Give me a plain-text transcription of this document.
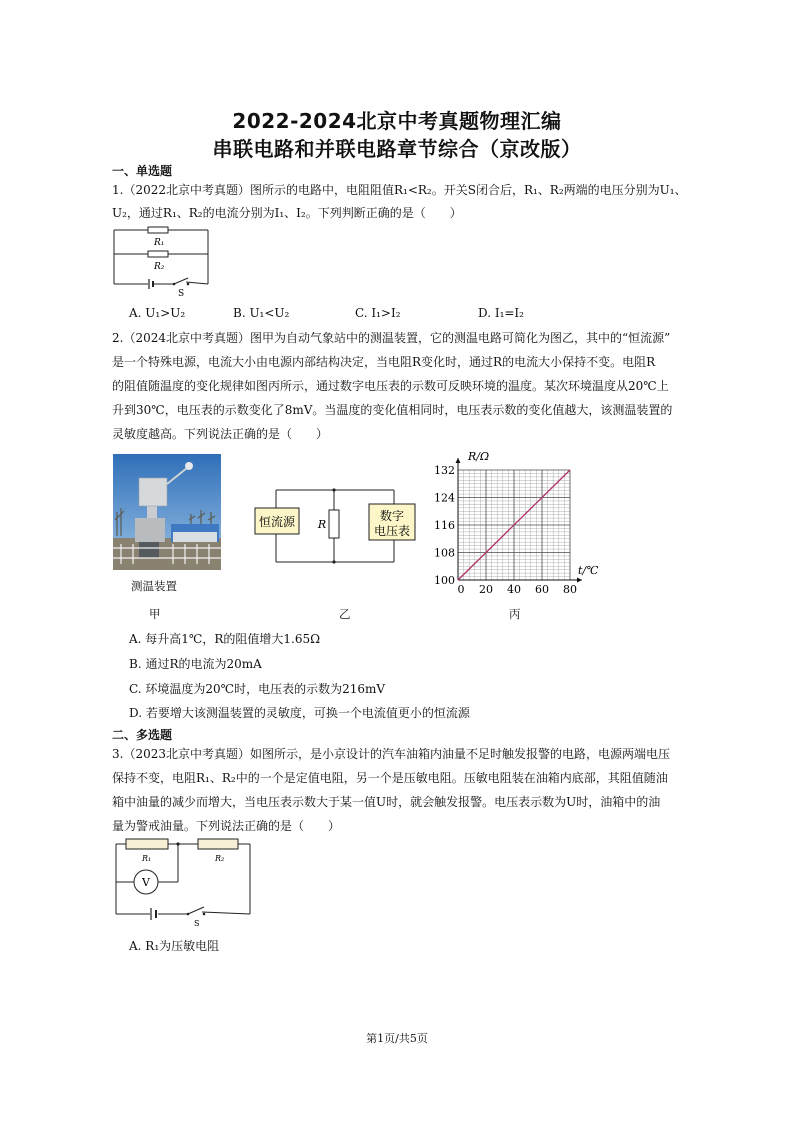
2022-2024北京中考真题物理汇编
串联电路和并联电路章节综合（京改版）
一、单选题
1.（2022北京中考真题）图所示的电路中，电阻阻值R₁<R₂。开关S闭合后，R₁、R₂两端的电压分别为U₁、
U₂，通过R₁、R₂的电流分别为I₁、I₂。下列判断正确的是（　　）
R₁
R₂
S
A. U₁>U₂	B. U₁<U₂	C. I₁>I₂	D. I₁=I₂
2.（2024北京中考真题）图甲为自动气象站中的测温装置，它的测温电路可简化为图乙，其中的“恒流源”
是一个特殊电源，电流大小由电源内部结构决定，当电阻R变化时，通过R的电流大小保持不变。电阻R
的阻值随温度的变化规律如图丙所示，通过数字电压表的示数可反映环境的温度。某次环境温度从20℃上
升到30℃，电压表的示数变化了8mV。当温度的变化值相同时，电压表示数的变化值越大，该测温装置的
灵敏度越高。下列说法正确的是（　　）
测温装置
恒流源 R
数字
电压表
0 20 40 60 80
100
108
116
124
132
R/Ω
t/℃
甲	乙	丙
A. 每升高1℃，R的阻值增大1.65Ω
B. 通过R的电流为20mA
C. 环境温度为20℃时，电压表的示数为216mV
D. 若要增大该测温装置的灵敏度，可换一个电流值更小的恒流源
二、多选题
3.（2023北京中考真题）如图所示，是小京设计的汽车油箱内油量不足时触发报警的电路，电源两端电压
保持不变，电阻R₁、R₂中的一个是定值电阻，另一个是压敏电阻。压敏电阻装在油箱内底部，其阻值随油
箱中油量的减少而增大，当电压表示数大于某一值U时，就会触发报警。电压表示数为U时，油箱中的油
量为警戒油量。下列说法正确的是（　　）
R₁	R₂
V
S
A. R₁为压敏电阻
第1页/共5页
